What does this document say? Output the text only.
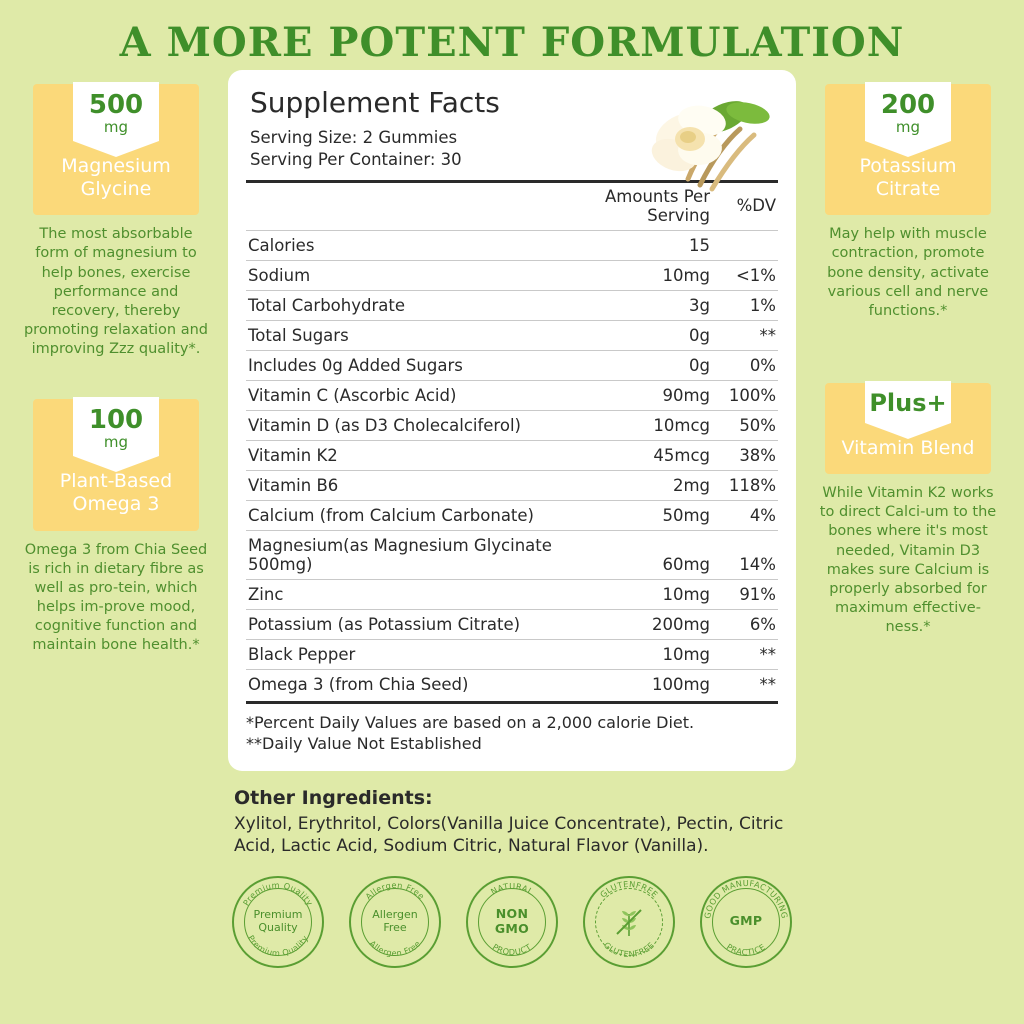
A MORE POTENT FORMULATION
500
mg
Magnesium Glycine
The most absorbable form of magnesium to help bones, exercise performance and recovery, thereby promoting relaxation and improving Zzz quality*.
100
mg
Plant-Based Omega 3
Omega 3 from Chia Seed is rich in dietary fibre as well as pro-tein, which helps im-prove mood, cognitive function and maintain bone health.*
Supplement Facts
Serving Size: 2 Gummies
Serving Per Container: 30
	Amounts Per Serving	%DV
Calories	15	
Sodium	10mg	<1%
Total Carbohydrate	3g	1%
Total Sugars	0g	**
Includes 0g Added Sugars	0g	0%
Vitamin C (Ascorbic Acid)	90mg	100%
Vitamin D (as D3 Cholecalciferol)	10mcg	50%
Vitamin K2	45mcg	38%
Vitamin B6	2mg	118%
Calcium (from Calcium Carbonate)	50mg	4%
Magnesium(as Magnesium Glycinate 500mg)	60mg	14%
Zinc	10mg	91%
Potassium (as Potassium Citrate)	200mg	6%
Black Pepper	10mg	**
Omega 3 (from Chia Seed)	100mg	**
*Percent Daily Values are based on a 2,000 calorie Diet.
**Daily Value Not Established
Other Ingredients:

Xylitol, Erythritol, Colors(Vanilla Juice Concentrate), Pectin, Citric Acid, Lactic Acid, Sodium Citric, Natural Flavor (Vanilla).

Premium Quality
Premium Quality
Premium
Quality
Allergen Free
Allergen Free
Allergen
Free
NATURAL
PRODUCT
NON
GMO
GLUTENFREE
GLUTENFREE
GOOD MANUFACTURING
PRACTICE
GMP
200
mg
Potassium Citrate
May help with muscle contraction, promote bone density, activate various cell and nerve functions.*
Plus+
Vitamin Blend
While Vitamin K2 works to direct Calci-um to the bones where it's most needed, Vitamin D3 makes sure Calcium is properly absorbed for maximum effective-ness.*
